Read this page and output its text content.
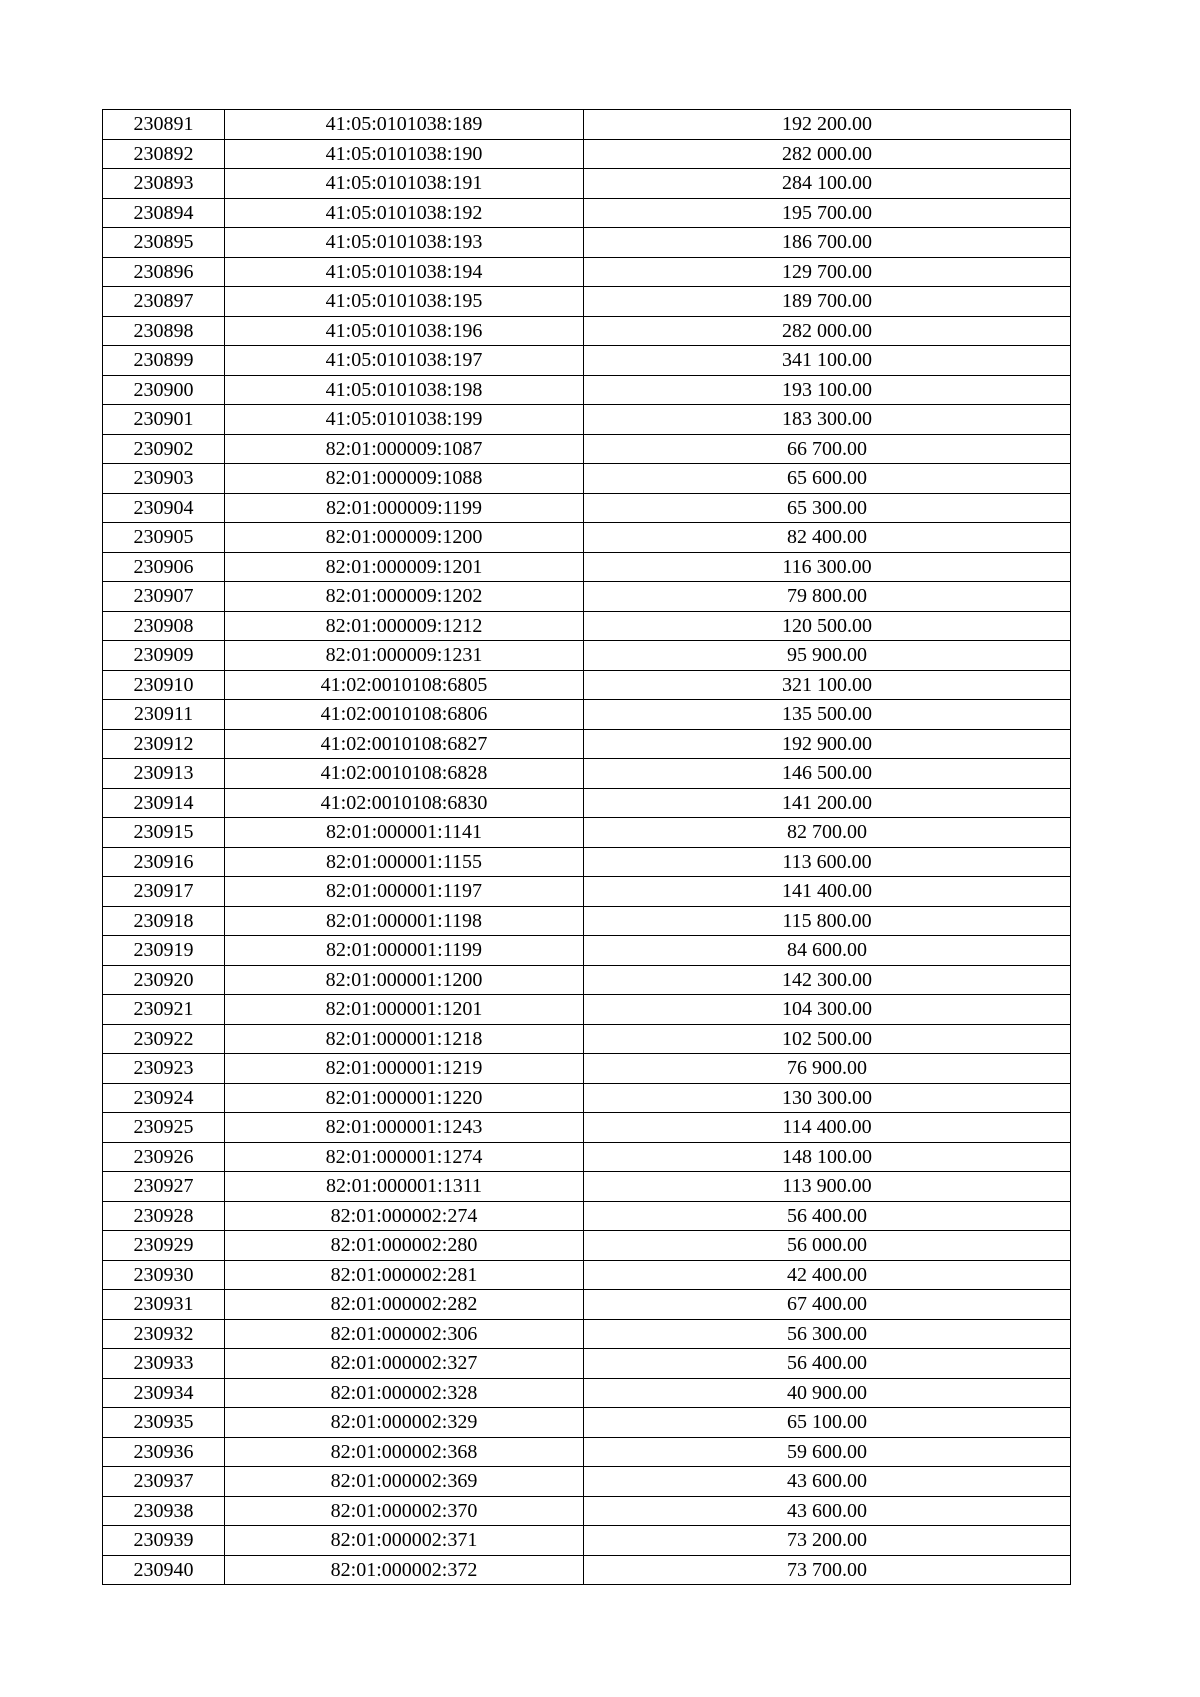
230891	41:05:0101038:189	192 200.00
230892	41:05:0101038:190	282 000.00
230893	41:05:0101038:191	284 100.00
230894	41:05:0101038:192	195 700.00
230895	41:05:0101038:193	186 700.00
230896	41:05:0101038:194	129 700.00
230897	41:05:0101038:195	189 700.00
230898	41:05:0101038:196	282 000.00
230899	41:05:0101038:197	341 100.00
230900	41:05:0101038:198	193 100.00
230901	41:05:0101038:199	183 300.00
230902	82:01:000009:1087	66 700.00
230903	82:01:000009:1088	65 600.00
230904	82:01:000009:1199	65 300.00
230905	82:01:000009:1200	82 400.00
230906	82:01:000009:1201	116 300.00
230907	82:01:000009:1202	79 800.00
230908	82:01:000009:1212	120 500.00
230909	82:01:000009:1231	95 900.00
230910	41:02:0010108:6805	321 100.00
230911	41:02:0010108:6806	135 500.00
230912	41:02:0010108:6827	192 900.00
230913	41:02:0010108:6828	146 500.00
230914	41:02:0010108:6830	141 200.00
230915	82:01:000001:1141	82 700.00
230916	82:01:000001:1155	113 600.00
230917	82:01:000001:1197	141 400.00
230918	82:01:000001:1198	115 800.00
230919	82:01:000001:1199	84 600.00
230920	82:01:000001:1200	142 300.00
230921	82:01:000001:1201	104 300.00
230922	82:01:000001:1218	102 500.00
230923	82:01:000001:1219	76 900.00
230924	82:01:000001:1220	130 300.00
230925	82:01:000001:1243	114 400.00
230926	82:01:000001:1274	148 100.00
230927	82:01:000001:1311	113 900.00
230928	82:01:000002:274	56 400.00
230929	82:01:000002:280	56 000.00
230930	82:01:000002:281	42 400.00
230931	82:01:000002:282	67 400.00
230932	82:01:000002:306	56 300.00
230933	82:01:000002:327	56 400.00
230934	82:01:000002:328	40 900.00
230935	82:01:000002:329	65 100.00
230936	82:01:000002:368	59 600.00
230937	82:01:000002:369	43 600.00
230938	82:01:000002:370	43 600.00
230939	82:01:000002:371	73 200.00
230940	82:01:000002:372	73 700.00
